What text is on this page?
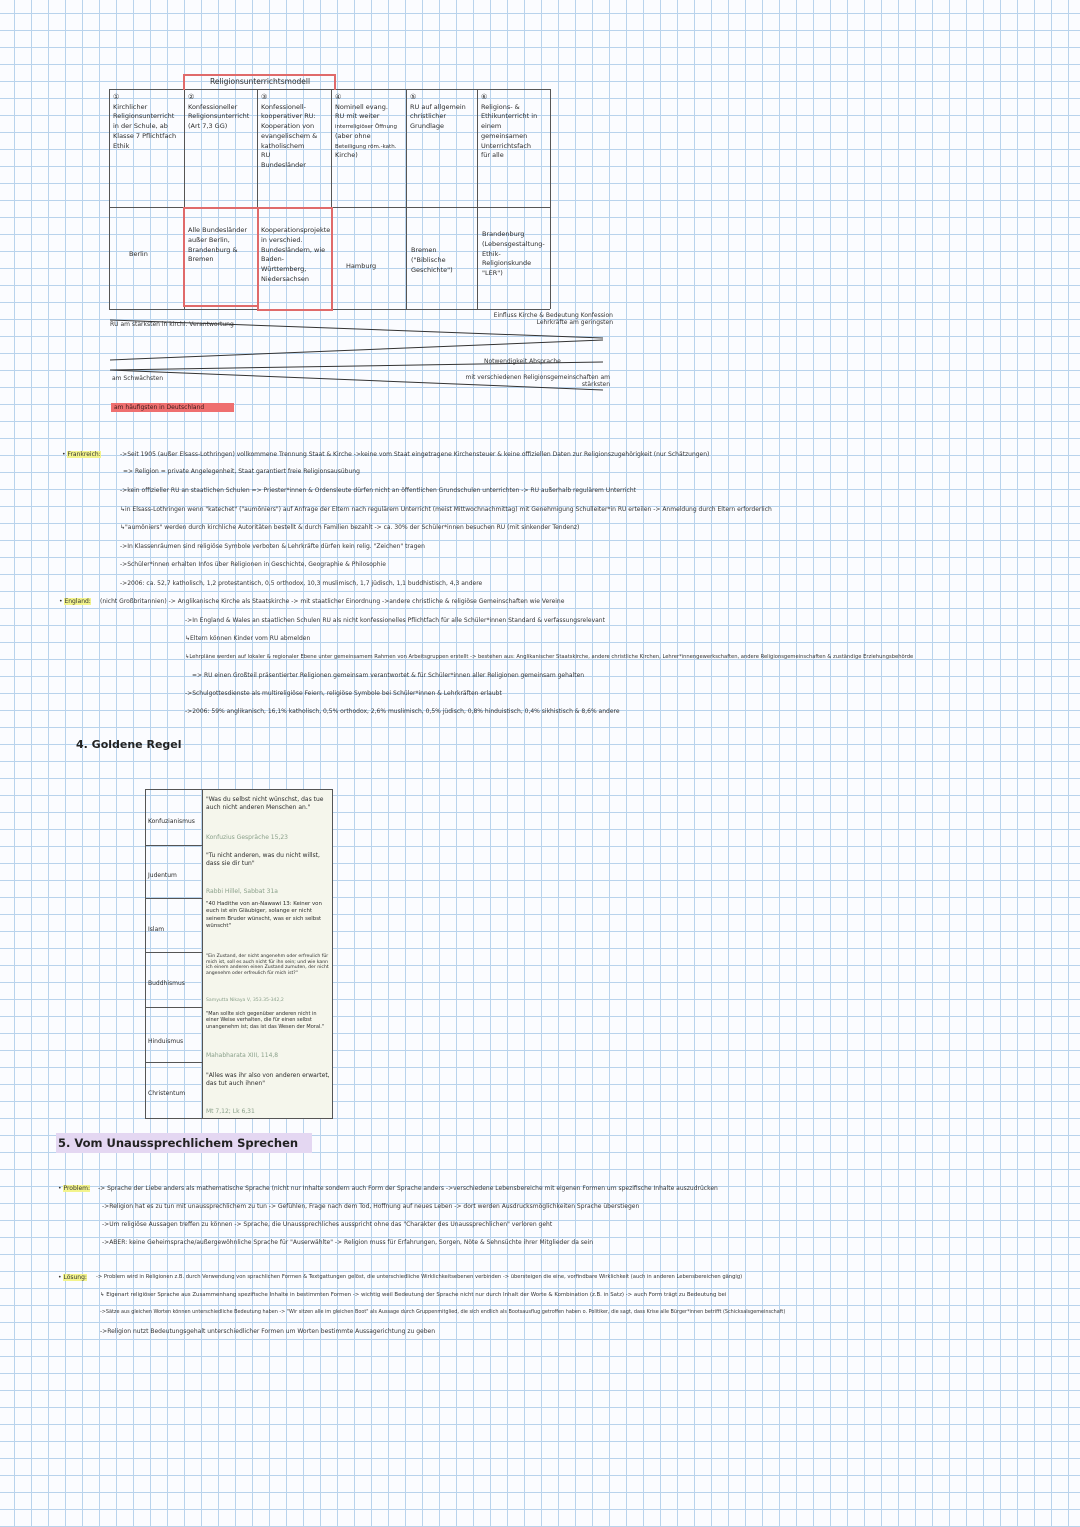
Religionsunterrichtsmodell
①
Kirchlicher
Religionsunterricht
in der Schule, ab
Klasse 7 Pflichtfach
Ethik
②
Konfessioneller
Religionsunterricht
(Art 7,3 GG)
③
Konfessionell-
kooperativer RU:
Kooperation von
evangelischem &
katholischem
RU
Bundesländer
④
Nominell evang.
RU mit weiter
interreligiöser Öffnung
(aber ohne
Beteiligung röm.-kath.
Kirche)
⑤
RU auf allgemein
christlicher
Grundlage
⑥
Religions- &
Ethikunterricht in
einem gemeinsamen
Unterrichtsfach
für alle
Berlin
Alle Bundesländer außer Berlin, Brandenburg & Bremen
Kooperationsprojekte in verschied. Bundesländern, wie Baden-Württemberg, Niedersachsen
Hamburg
Bremen ("Biblische Geschichte")
Brandenburg (Lebensgestaltung-Ethik-Religionskunde "LER")
RU am stärksten in kirchl. Verantwortung
Einfluss Kirche & Bedeutung Konfession Lehrkräfte am geringsten
am Schwächsten
Notwendigkeit Absprache
mit verschiedenen Religionsgemeinschaften am stärksten
am häufigsten in Deutschland
• Frankreich:	->Seit 1905 (außer Elsass-Lothringen) vollkommene Trennung Staat & Kirche ->keine vom Staat eingetragene Kirchensteuer & keine offiziellen Daten zur Religionszugehörigkeit (nur Schätzungen)
=> Religion = private Angelegenheit, Staat garantiert freie Religionsausübung
->kein offizieller RU an staatlichen Schulen => Priester*innen & Ordensleute dürfen nicht an öffentlichen Grundschulen unterrichten -> RU außerhalb regulärem Unterricht
↳in Elsass-Lothringen wenn "katechet" ("aumôniers") auf Anfrage der Eltern nach regulärem Unterricht (meist Mittwochnachmittag) mit Genehmigung Schulleiter*in RU erteilen -> Anmeldung durch Eltern erforderlich
↳"aumôniers" werden durch kirchliche Autoritäten bestellt & durch Familien bezahlt -> ca. 30% der Schüler*innen besuchen RU (mit sinkender Tendenz)
->In Klassenräumen sind religiöse Symbole verboten & Lehrkräfte dürfen kein relig. "Zeichen" tragen
->Schüler*innen erhalten Infos über Religionen in Geschichte, Geographie & Philosophie
->2006: ca. 52,7 katholisch, 1,2 protestantisch, 0,5 orthodox, 10,3 muslimisch, 1,7 jüdisch, 1,1 buddhistisch, 4,3 andere
• England: (nicht Großbritannien) -> Anglikanische Kirche als Staatskirche -> mit staatlicher Einordnung ->andere christliche & religiöse Gemeinschaften wie Vereine
->In England & Wales an staatlichen Schulen RU als nicht konfessionelles Pflichtfach für alle Schüler*innen Standard & verfassungsrelevant
↳Eltern können Kinder vom RU abmelden
↳Lehrpläne werden auf lokaler & regionaler Ebene unter gemeinsamem Rahmen von Arbeitsgruppen erstellt -> bestehen aus: Anglikanischer Staatskirche, andere christliche Kirchen, Lehrer*innengewerkschaften, andere Religionsgemeinschaften & zuständige Erziehungsbehörde
=> RU einen Großteil präsentierter Religionen gemeinsam verantwortet & für Schüler*innen aller Religionen gemeinsam gehalten
->Schulgottesdienste als multireligiöse Feiern, religiöse Symbole bei Schüler*innen & Lehrkräften erlaubt
->2006: 59% anglikanisch, 16,1% katholisch, 0,5% orthodox, 2,6% muslimisch, 0,5% jüdisch, 0,8% hinduistisch, 0,4% sikhistisch & 8,6% andere
4. Goldene Regel
Konfuzianismus
"Was du selbst nicht wünschst, das tue auch nicht anderen Menschen an."
Konfuzius Gespräche 15,23
Judentum
"Tu nicht anderen, was du nicht willst, dass sie dir tun"
Rabbi Hillel, Sabbat 31a
Islam
"40 Hadithe von an-Nawawi 13: Keiner von euch ist ein Gläubiger, solange er nicht seinem Bruder wünscht, was er sich selbst wünscht"
Buddhismus
"Ein Zustand, der nicht angenehm oder erfreulich für mich ist, soll es auch nicht für ihn sein; und wie kann ich einem anderen einen Zustand zumuten, der nicht angenehm oder erfreulich für mich ist?"
Samyutta Nikaya V, 353.35-342,2
Hinduismus
"Man sollte sich gegenüber anderen nicht in einer Weise verhalten, die für einen selbst unangenehm ist; das ist das Wesen der Moral."
Mahabharata XIII, 114,8
Christentum
"Alles was ihr also von anderen erwartet, das tut auch ihnen"
Mt 7,12; Lk 6,31
5. Vom Unaussprechlichem Sprechen
• Problem: -> Sprache der Liebe anders als mathematische Sprache (nicht nur Inhalte sondern auch Form der Sprache anders ->verschiedene Lebensbereiche mit eigenen Formen um spezifische Inhalte auszudrücken
->Religion hat es zu tun mit unaussprechlichem zu tun -> Gefühlen, Frage nach dem Tod, Hoffnung auf neues Leben -> dort werden Ausdrucksmöglichkeiten Sprache überstiegen
->Um religiöse Aussagen treffen zu können -> Sprache, die Unaussprechliches ausspricht ohne das "Charakter des Unaussprechlichen" verloren geht
->ABER: keine Geheimsprache/außergewöhnliche Sprache für "Auserwählte" -> Religion muss für Erfahrungen, Sorgen, Nöte & Sehnsüchte ihrer Mitglieder da sein
• Lösung: -> Problem wird in Religionen z.B. durch Verwendung von sprachlichen Formen & Textgattungen gelöst, die unterschiedliche Wirklichkeitsebenen verbinden -> übersteigen die eine, vorfindbare Wirklichkeit (auch in anderen Lebensbereichen gängig)
↳ Eigenart religiöser Sprache aus Zusammenhang spezifische Inhalte in bestimmten Formen -> wichtig weil Bedeutung der Sprache nicht nur durch Inhalt der Worte & Kombination (z.B. in Satz) -> auch Form trägt zu Bedeutung bei
->Sätze aus gleichen Worten können unterschiedliche Bedeutung haben -> "Wir sitzen alle im gleichen Boot" als Aussage durch Gruppenmitglied, die sich endlich als Bootsausflug getroffen haben o. Politiker, die sagt, dass Krise alle Bürger*innen betrifft (Schicksalsgemeinschaft)
->Religion nutzt Bedeutungsgehalt unterschiedlicher Formen um Worten bestimmte Aussagerichtung zu geben
